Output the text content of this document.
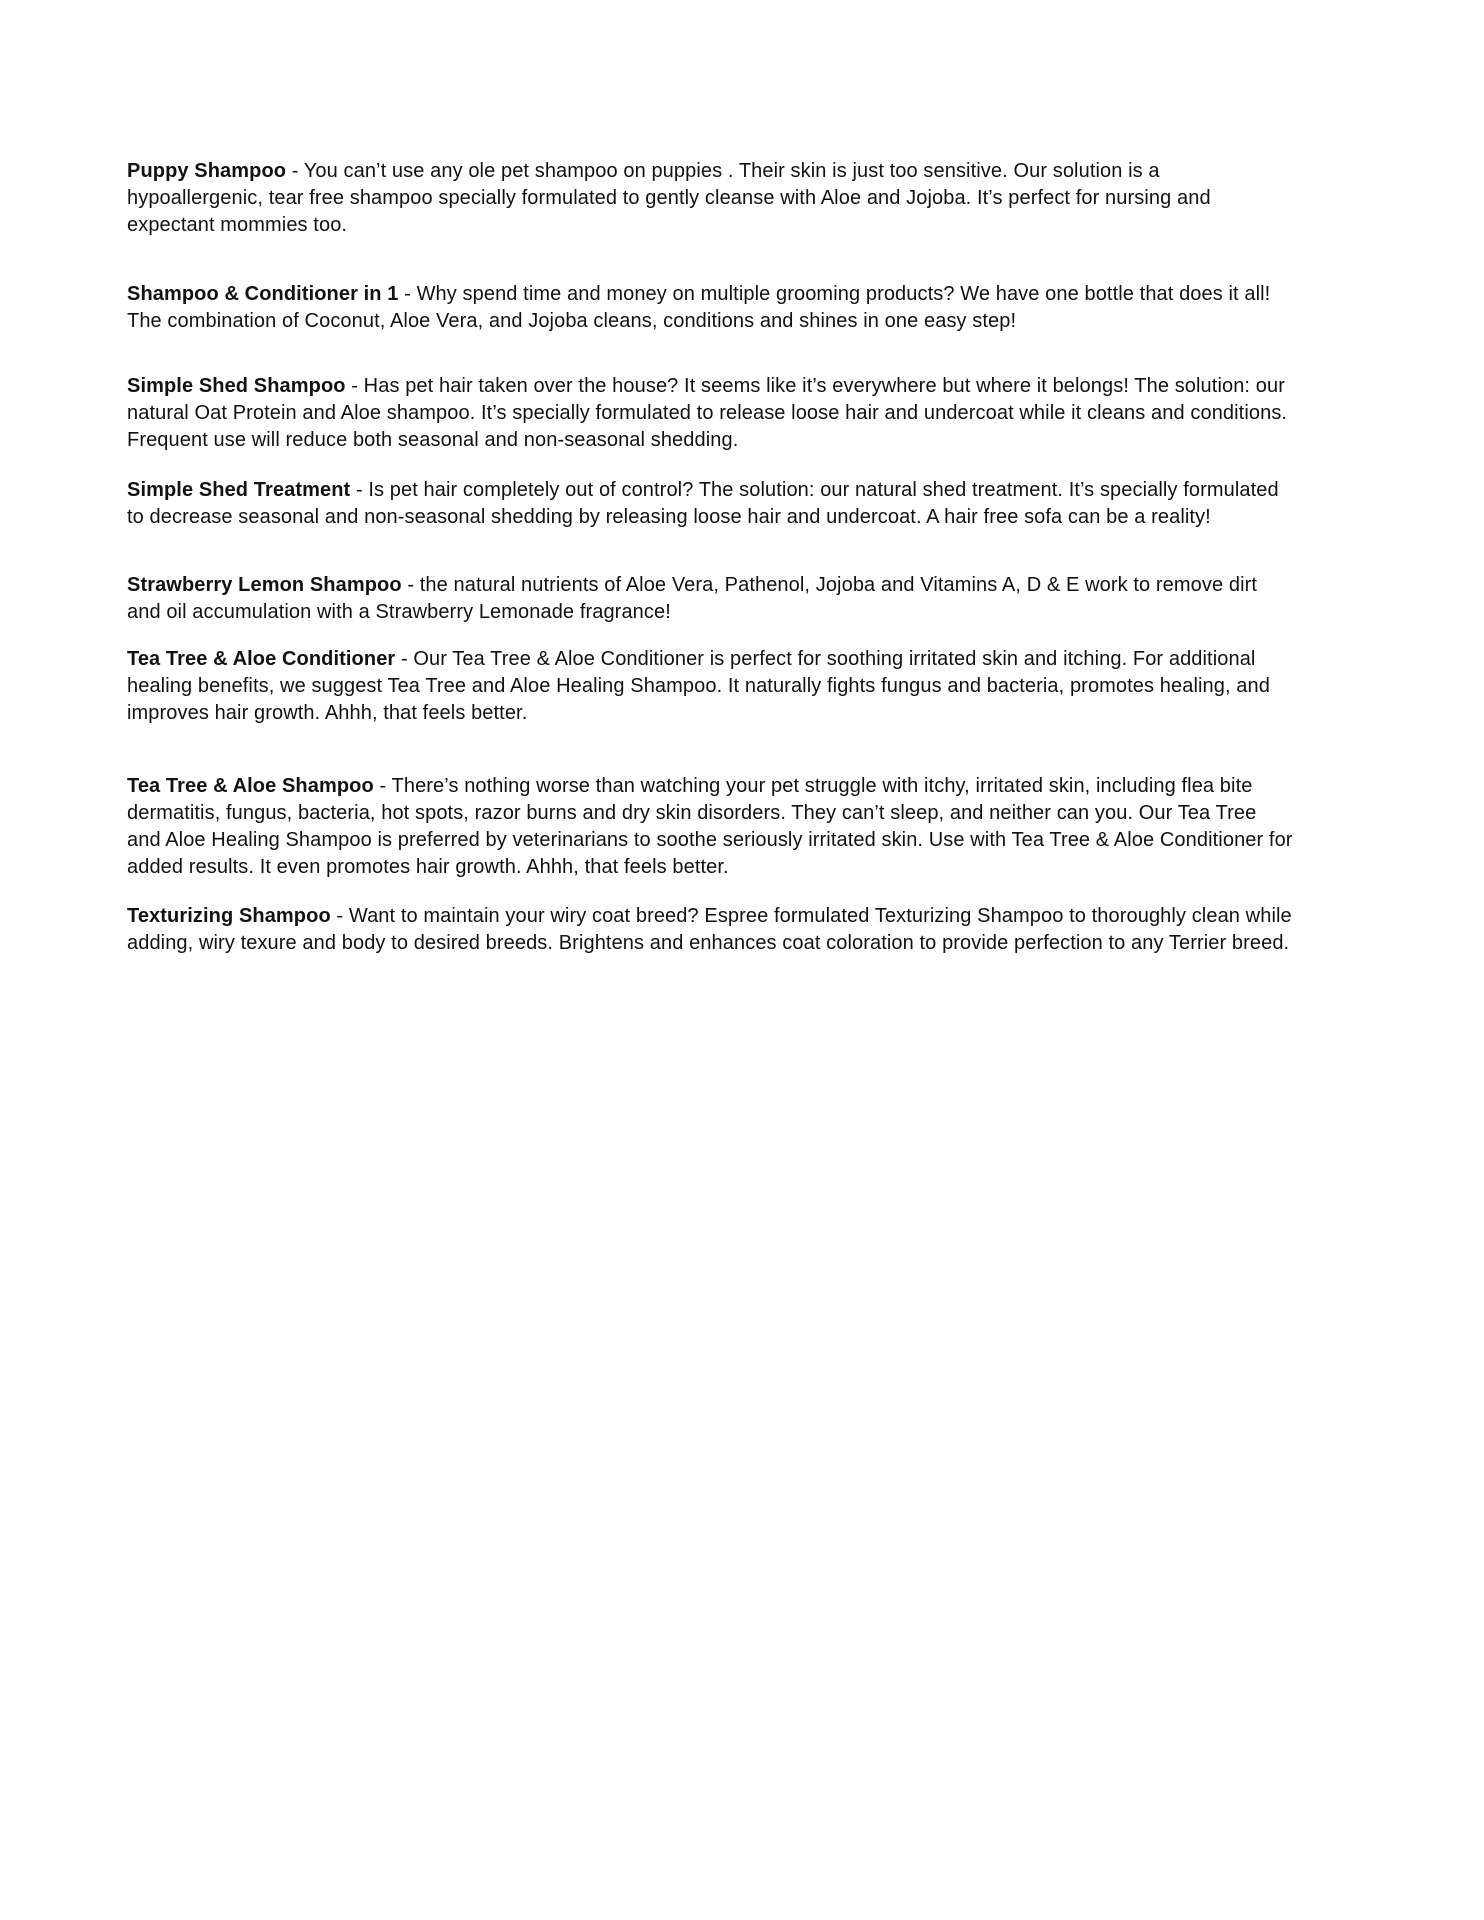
Puppy Shampoo - You can’t use any ole pet shampoo on puppies . Their skin is just too sensitive. Our solution is a hypoallergenic, tear free shampoo specially formulated to gently cleanse with Aloe and Jojoba. It’s perfect for nursing and expectant mommies too.

Shampoo & Conditioner in 1 - Why spend time and money on multiple grooming products? We have one bottle that does it all!  The combination of Coconut, Aloe Vera, and Jojoba cleans, conditions and shines in one easy step!

Simple Shed Shampoo - Has pet hair taken over the house? It seems like it’s everywhere but where it belongs! The solution: our natural Oat Protein and Aloe shampoo. It’s specially formulated to release loose hair and undercoat while it cleans and conditions. Frequent use will reduce both seasonal and non-seasonal shedding.

Simple Shed Treatment - Is pet hair completely out of control? The solution: our natural shed treatment. It’s specially formulated to decrease seasonal and non-seasonal shedding by releasing loose hair and undercoat. A hair free sofa can be a reality!

Strawberry Lemon Shampoo - the natural nutrients of Aloe Vera, Pathenol, Jojoba and Vitamins A, D & E work to remove dirt and oil accumulation with a Strawberry Lemonade fragrance!

Tea Tree & Aloe Conditioner - Our Tea Tree & Aloe Conditioner is perfect for soothing irritated skin and itching. For additional healing benefits, we suggest Tea Tree and Aloe Healing Shampoo. It naturally fights fungus and bacteria, promotes healing, and improves hair growth. Ahhh, that feels better.

Tea Tree & Aloe Shampoo - There’s nothing worse than watching your pet struggle with itchy, irritated skin, including flea bite dermatitis, fungus, bacteria, hot spots, razor burns and dry skin disorders. They can’t sleep, and neither can you. Our Tea Tree and Aloe Healing Shampoo is preferred by veterinarians to soothe seriously irritated skin. Use with Tea Tree & Aloe Conditioner for added results. It even promotes hair growth. Ahhh, that feels better.

Texturizing Shampoo - Want to maintain your wiry coat breed? Espree formulated Texturizing Shampoo to thoroughly clean while adding, wiry texure and body to desired breeds. Brightens and enhances coat coloration to provide perfection to any Terrier breed.
